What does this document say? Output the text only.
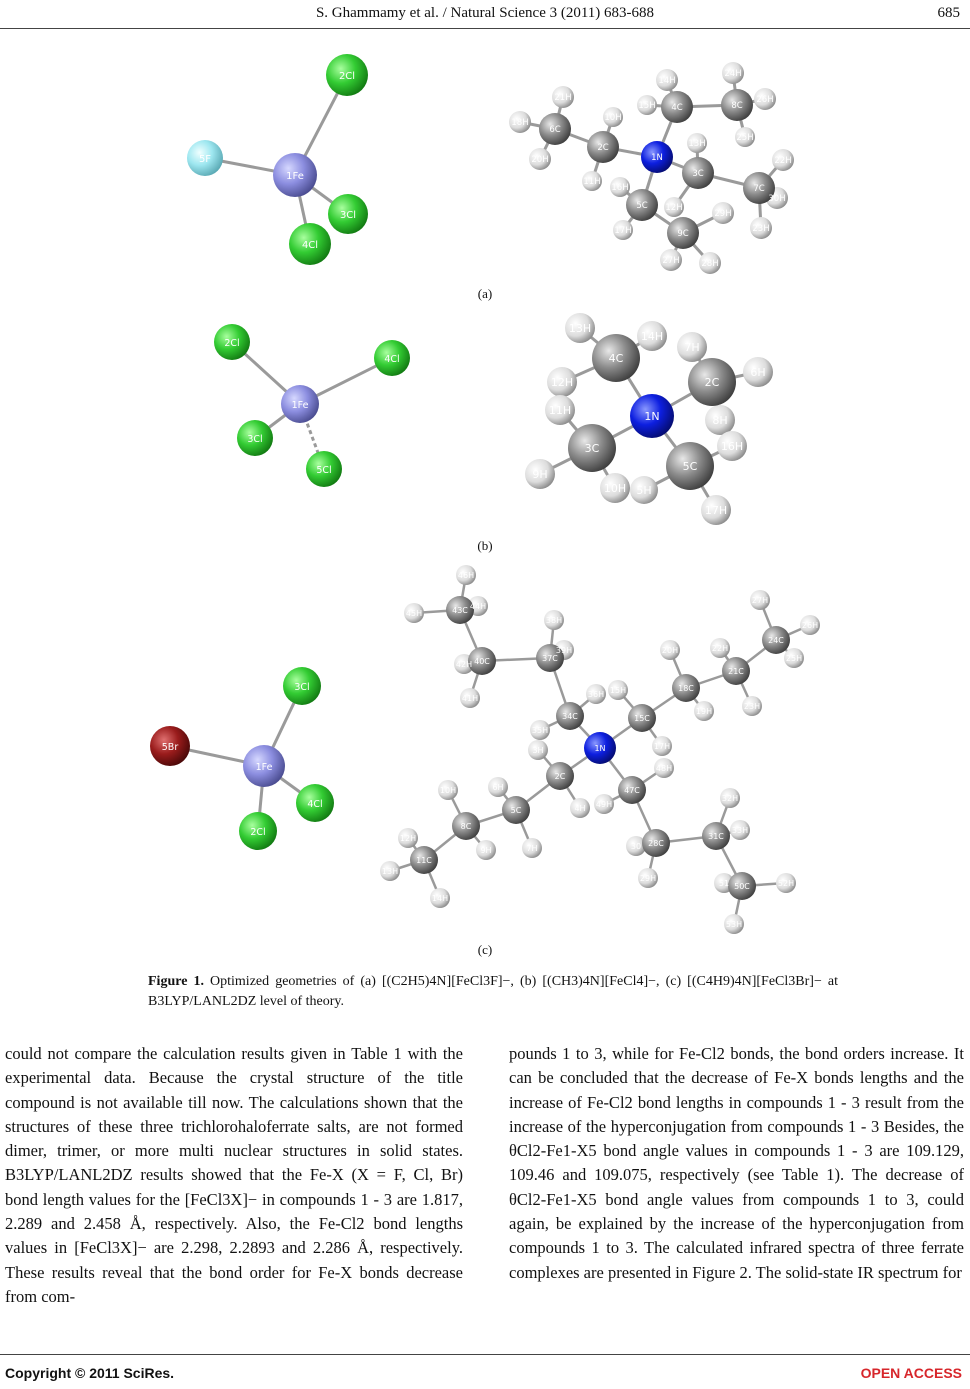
S. Ghammamy et al. / Natural Science 3 (2011) 683-688	685
2Cl
5F
1Fe
3Cl
4Cl
14H
24H
21H
10H
15H 4C	8C
26H
18H
6C
2C	13H
25H
1N
20H
11H
16H
3C
22H
7C
30H
5C 12H
29H
17H	9C	23H
27H	28H
(a)
2Cl
4Cl
1Fe
3Cl
5Cl
13H
14H
7H
6H
4C
2C
12H
1N	8H
11H
3C	16H
9H
10H
5C
5H
17H
(b)
3Cl
5Br
1Fe
4Cl
2Cl
46H
45H	43C 44H
38H
27H
42H 40C	37C
39H	20H	22H
24C
26H
21C
25H
41H	36H 15H	18C
34C	15C
19H
23H
35H
3H	1N	17H
48H
10H	6H
2C
47C
32H
5C	4H 49H
8C
12H
28C
31C
33H
9H
11C
30
13H
7H
29H
51 50C	52H
14H
53H
(c)
Figure 1. Optimized geometries of (a) [(C2H5)4N][FeCl3F]−, (b) [(CH3)4N][FeCl4]−, (c) [(C4H9)4N][FeCl3Br]− at B3LYP/LANL2DZ level of theory.
could not compare the calculation results given in Table 1 with the experimental data. Because the crystal structure of the title compound is not available till now. The calculations shown that the structures of these three trichlorohaloferrate salts, are not formed dimer, trimer, or more multi nuclear structures in solid states. B3LYP/LANL2DZ results showed that the Fe-X (X = F, Cl, Br) bond length values for the [FeCl3X]− in compounds 1 - 3 are 1.817, 2.289 and 2.458 Å, respectively. Also, the Fe-Cl2 bond lengths values in [FeCl3X]− are 2.298, 2.2893 and 2.286 Å, respectively. These results reveal that the bond order for Fe-X bonds decrease from com-
pounds 1 to 3, while for Fe-Cl2 bonds, the bond orders increase. It can be concluded that the decrease of Fe-X bonds lengths and the increase of Fe-Cl2 bond lengths in compounds 1 - 3 result from the increase of the hyperconjugation from compounds 1 - 3 Besides, the θCl2-Fe1-X5 bond angle values in compounds 1 - 3 are 109.129, 109.46 and 109.075, respectively (see Table 1). The decrease of θCl2-Fe1-X5 bond angle values from compounds 1 to 3, could again, be explained by the increase of the hyperconjugation from compounds 1 to 3. The calculated infrared spectra of three ferrate complexes are presented in Figure 2. The solid-state IR spectrum for
Copyright © 2011 SciRes.	OPEN ACCESS
